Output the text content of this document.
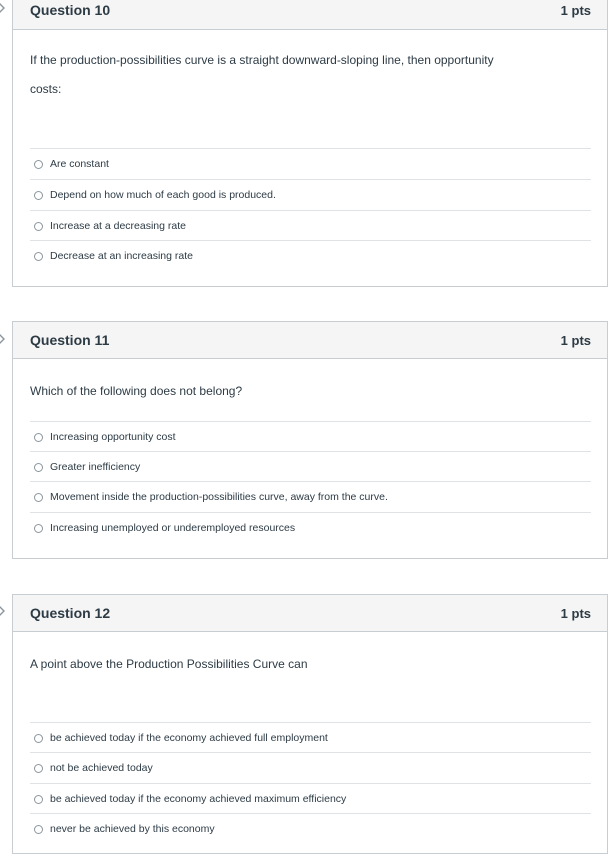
Question 10	1 pts
If the production-possibilities curve is a straight downward-sloping line, then opportunity
costs:
Are constant
Depend on how much of each good is produced.
Increase at a decreasing rate
Decrease at an increasing rate
Question 11	1 pts
Which of the following does not belong?
Increasing opportunity cost
Greater inefficiency
Movement inside the production-possibilities curve, away from the curve.
Increasing unemployed or underemployed resources
Question 12	1 pts
A point above the Production Possibilities Curve can
be achieved today if the economy achieved full employment
not be achieved today
be achieved today if the economy achieved maximum efficiency
never be achieved by this economy
